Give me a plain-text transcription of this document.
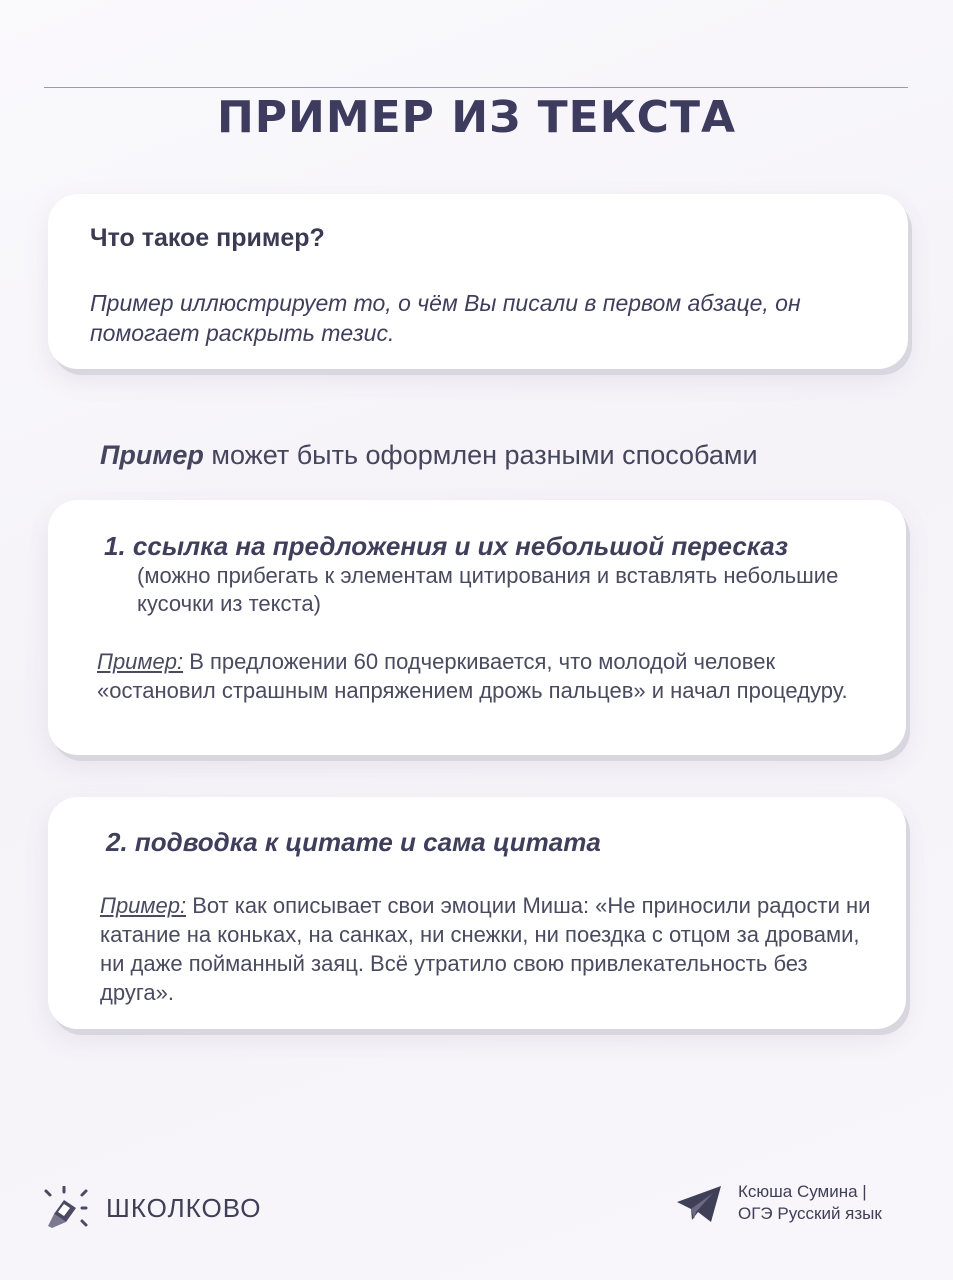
ПРИМЕР ИЗ ТЕКСТА
Что такое пример?

Пример иллюстрирует то, о чём Вы писали в первом абзаце, он помогает раскрыть тезис.

Пример может быть оформлен разными способами

1. ссылка на предложения и их небольшой пересказ

(можно прибегать к элементам цитирования и вставлять небольшие кусочки из текста)

Пример: В предложении 60 подчеркивается, что молодой человек «остановил страшным напряжением дрожь пальцев» и начал процедуру.

2. подводка к цитате и сама цитата

Пример: Вот как описывает свои эмоции Миша: «Не приносили радости ни катание на коньках, на санках, ни снежки, ни поездка с отцом за дровами, ни даже пойманный заяц. Всё утратило свою привлекательность без друга».

ШКОЛКОВО

Ксюша Сумина |
ОГЭ Русский язык
